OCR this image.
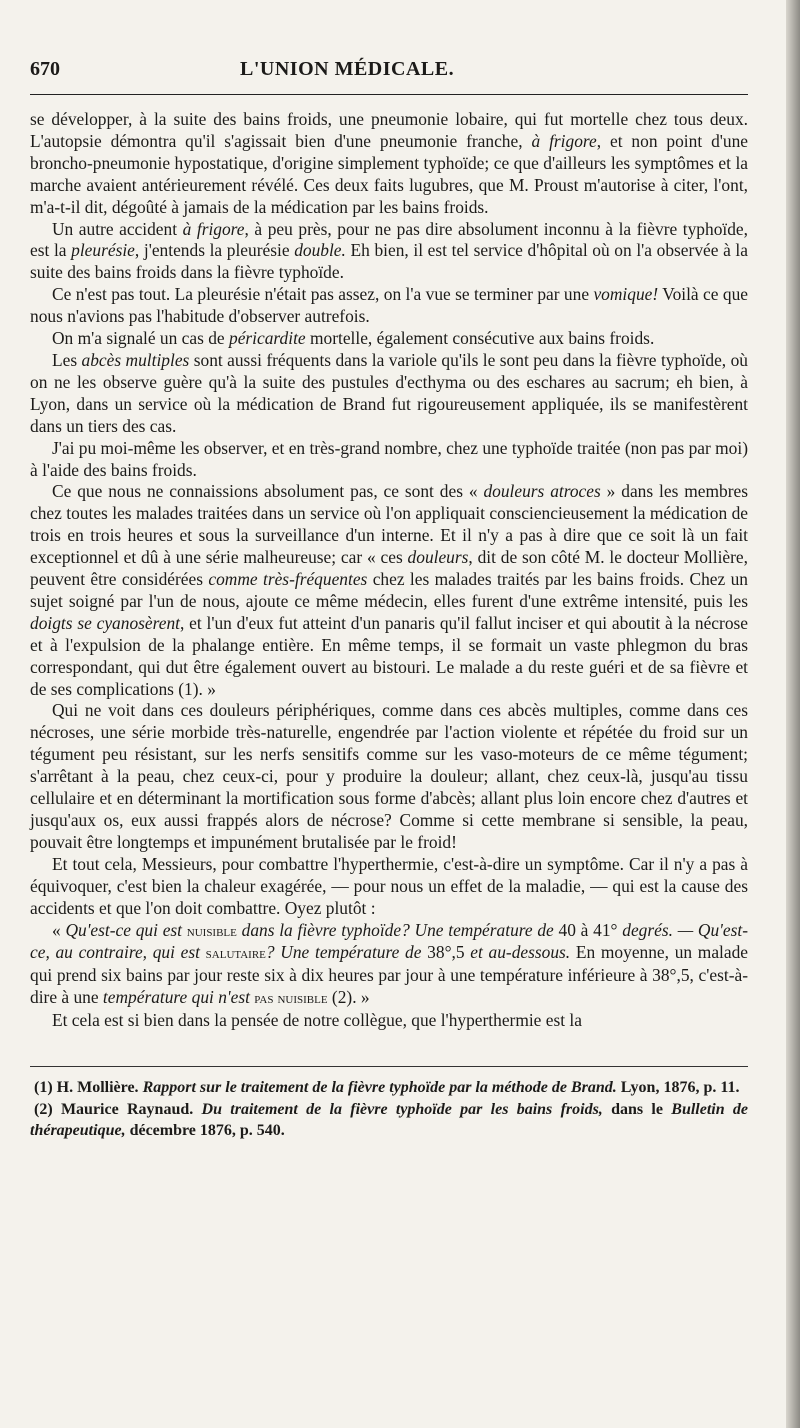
670	L'UNION MÉDICALE.

se développer, à la suite des bains froids, une pneumonie lobaire, qui fut mortelle chez tous deux. L'autopsie démontra qu'il s'agissait bien d'une pneumonie franche, à frigore, et non point d'une broncho-pneumonie hypostatique, d'origine simplement typhoïde; ce que d'ailleurs les symptômes et la marche avaient antérieurement révélé. Ces deux faits lugubres, que M. Proust m'autorise à citer, l'ont, m'a-t-il dit, dégoûté à jamais de la médication par les bains froids.

Un autre accident à frigore, à peu près, pour ne pas dire absolument inconnu à la fièvre typhoïde, est la pleurésie, j'entends la pleurésie double. Eh bien, il est tel service d'hôpital où on l'a observée à la suite des bains froids dans la fièvre typhoïde.

Ce n'est pas tout. La pleurésie n'était pas assez, on l'a vue se terminer par une vomique! Voilà ce que nous n'avions pas l'habitude d'observer autrefois.

On m'a signalé un cas de péricardite mortelle, également consécutive aux bains froids.

Les abcès multiples sont aussi fréquents dans la variole qu'ils le sont peu dans la fièvre typhoïde, où on ne les observe guère qu'à la suite des pustules d'ecthyma ou des eschares au sacrum; eh bien, à Lyon, dans un service où la médication de Brand fut rigoureusement appliquée, ils se manifestèrent dans un tiers des cas.

J'ai pu moi-même les observer, et en très-grand nombre, chez une typhoïde traitée (non pas par moi) à l'aide des bains froids.

Ce que nous ne connaissions absolument pas, ce sont des « douleurs atroces » dans les membres chez toutes les malades traitées dans un service où l'on appliquait consciencieusement la médication de trois en trois heures et sous la surveillance d'un interne. Et il n'y a pas à dire que ce soit là un fait exceptionnel et dû à une série malheureuse; car « ces douleurs, dit de son côté M. le docteur Mollière, peuvent être considérées comme très-fréquentes chez les malades traités par les bains froids. Chez un sujet soigné par l'un de nous, ajoute ce même médecin, elles furent d'une extrême intensité, puis les doigts se cyanosèrent, et l'un d'eux fut atteint d'un panaris qu'il fallut inciser et qui aboutit à la nécrose et à l'expulsion de la phalange entière. En même temps, il se formait un vaste phlegmon du bras correspondant, qui dut être également ouvert au bistouri. Le malade a du reste guéri et de sa fièvre et de ses complications (1). »

Qui ne voit dans ces douleurs périphériques, comme dans ces abcès multiples, comme dans ces nécroses, une série morbide très-naturelle, engendrée par l'action violente et répétée du froid sur un tégument peu résistant, sur les nerfs sensitifs comme sur les vaso-moteurs de ce même tégument; s'arrêtant à la peau, chez ceux-ci, pour y produire la douleur; allant, chez ceux-là, jusqu'au tissu cellulaire et en déterminant la mortification sous forme d'abcès; allant plus loin encore chez d'autres et jusqu'aux os, eux aussi frappés alors de nécrose? Comme si cette membrane si sensible, la peau, pouvait être longtemps et impunément brutalisée par le froid!

Et tout cela, Messieurs, pour combattre l'hyperthermie, c'est-à-dire un symptôme. Car il n'y a pas à équivoquer, c'est bien la chaleur exagérée, — pour nous un effet de la maladie, — qui est la cause des accidents et que l'on doit combattre. Oyez plutôt :

« Qu'est-ce qui est nuisible dans la fièvre typhoïde? Une température de 40 à 41° degrés. — Qu'est-ce, au contraire, qui est salutaire? Une température de 38°,5 et au-dessous. En moyenne, un malade qui prend six bains par jour reste six à dix heures par jour à une température inférieure à 38°,5, c'est-à-dire à une température qui n'est pas nuisible (2). »

Et cela est si bien dans la pensée de notre collègue, que l'hyperthermie est la

(1) H. Mollière. Rapport sur le traitement de la fièvre typhoïde par la méthode de Brand. Lyon, 1876, p. 11.

(2) Maurice Raynaud. Du traitement de la fièvre typhoïde par les bains froids, dans le Bulletin de thérapeutique, décembre 1876, p. 540.
